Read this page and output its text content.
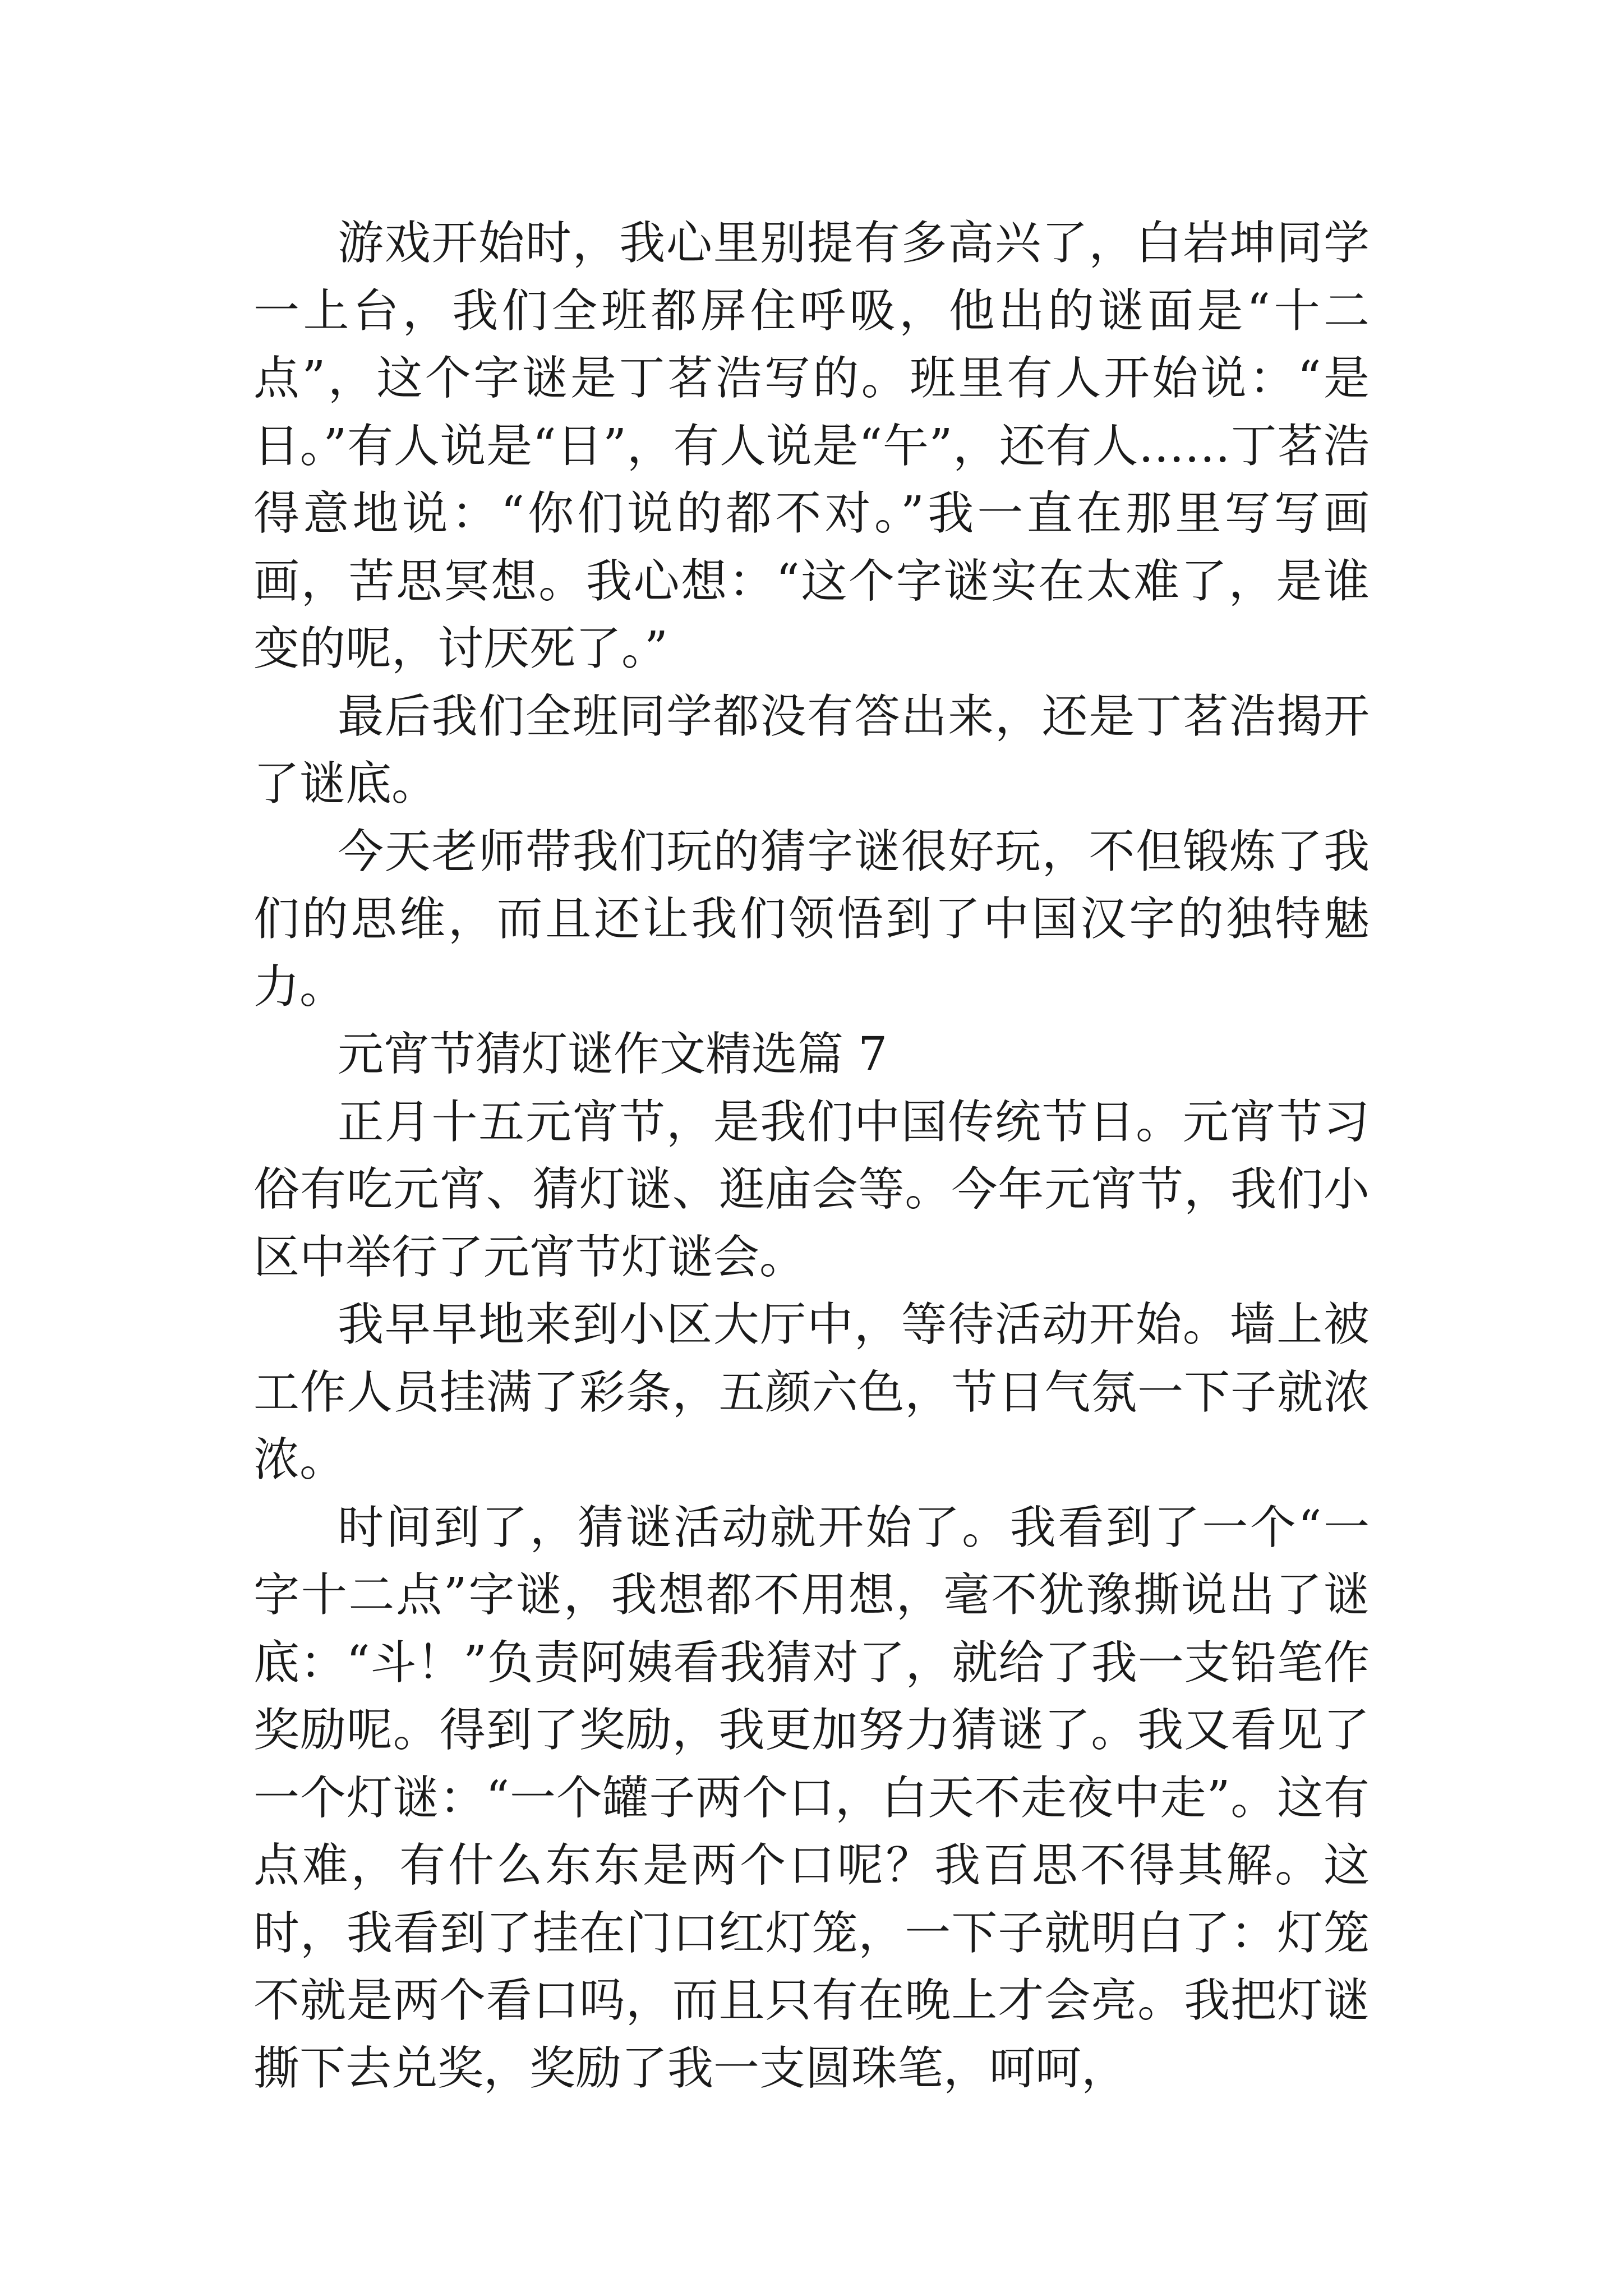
游戏开始时，我心里别提有多高兴了，白岩坤同学一上台，我们全班都屏住呼吸，他出的谜面是“十二点”，这个字谜是丁茗浩写的。班里有人开始说：“是日。”有人说是“日”，有人说是“午”，还有人……丁茗浩得意地说：“你们说的都不对。”我一直在那里写写画画，苦思冥想。我心想：“这个字谜实在太难了，是谁变的呢，讨厌死了。”

最后我们全班同学都没有答出来，还是丁茗浩揭开了谜底。

今天老师带我们玩的猜字谜很好玩，不但锻炼了我们的思维，而且还让我们领悟到了中国汉字的独特魅力。

元宵节猜灯谜作文精选篇 7

正月十五元宵节，是我们中国传统节日。元宵节习俗有吃元宵、猜灯谜、逛庙会等。今年元宵节，我们小区中举行了元宵节灯谜会。

我早早地来到小区大厅中，等待活动开始。墙上被工作人员挂满了彩条，五颜六色，节日气氛一下子就浓浓。

时间到了，猜谜活动就开始了。我看到了一个“一字十二点”字谜，我想都不用想，毫不犹豫撕说出了谜底：“斗！”负责阿姨看我猜对了，就给了我一支铅笔作奖励呢。得到了奖励，我更加努力猜谜了。我又看见了一个灯谜：“一个罐子两个口，白天不走夜中走”。这有点难，有什么东东是两个口呢？我百思不得其解。这时，我看到了挂在门口红灯笼，一下子就明白了：灯笼不就是两个看口吗，而且只有在晚上才会亮。我把灯谜撕下去兑奖，奖励了我一支圆珠笔，呵呵，
